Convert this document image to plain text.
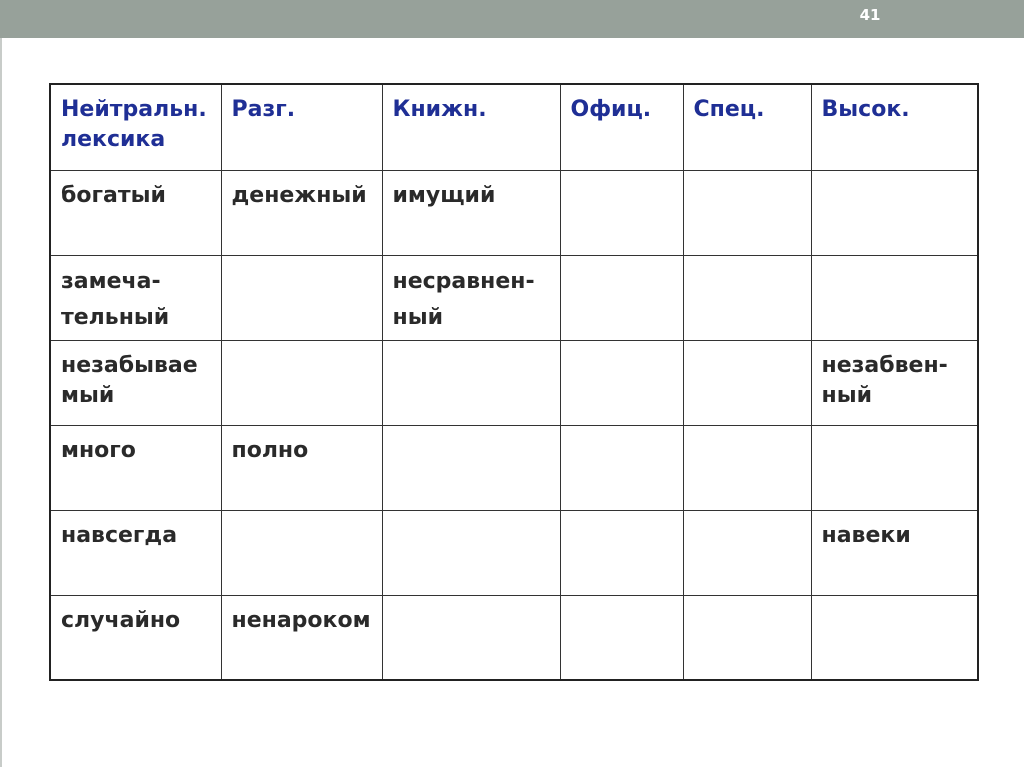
41
Нейтральн.
лексика	Разг.	Книжн.	Офиц.	Спец.	Высок.
богатый	денежный	имущий			
замеча-
тельный		несравнен-
ный			
незабывае
мый					незабвен-
ный
много	полно				
навсегда					навеки
случайно	ненароком				
